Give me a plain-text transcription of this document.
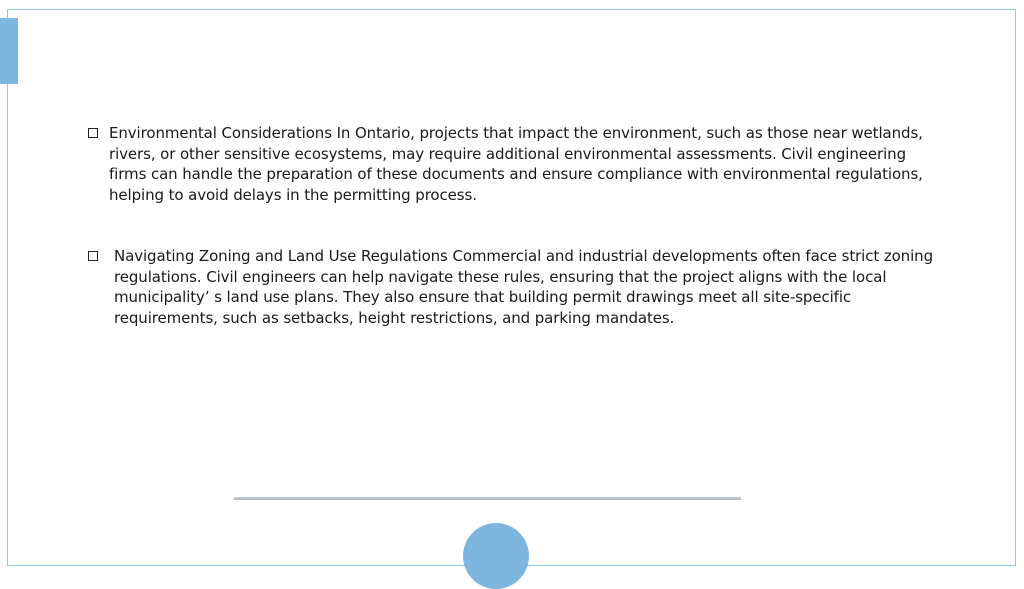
Environmental Considerations In Ontario, projects that impact the environment, such as those near wetlands, rivers, or other sensitive ecosystems, may require additional environmental assessments. Civil engineering firms can handle the preparation of these documents and ensure compliance with environmental regulations, helping to avoid delays in the permitting process.
Navigating Zoning and Land Use Regulations Commercial and industrial developments often face strict zoning regulations. Civil engineers can help navigate these rules, ensuring that the project aligns with the local municipality’ s land use plans. They also ensure that building permit drawings meet all site-specific requirements, such as setbacks, height restrictions, and parking mandates.
